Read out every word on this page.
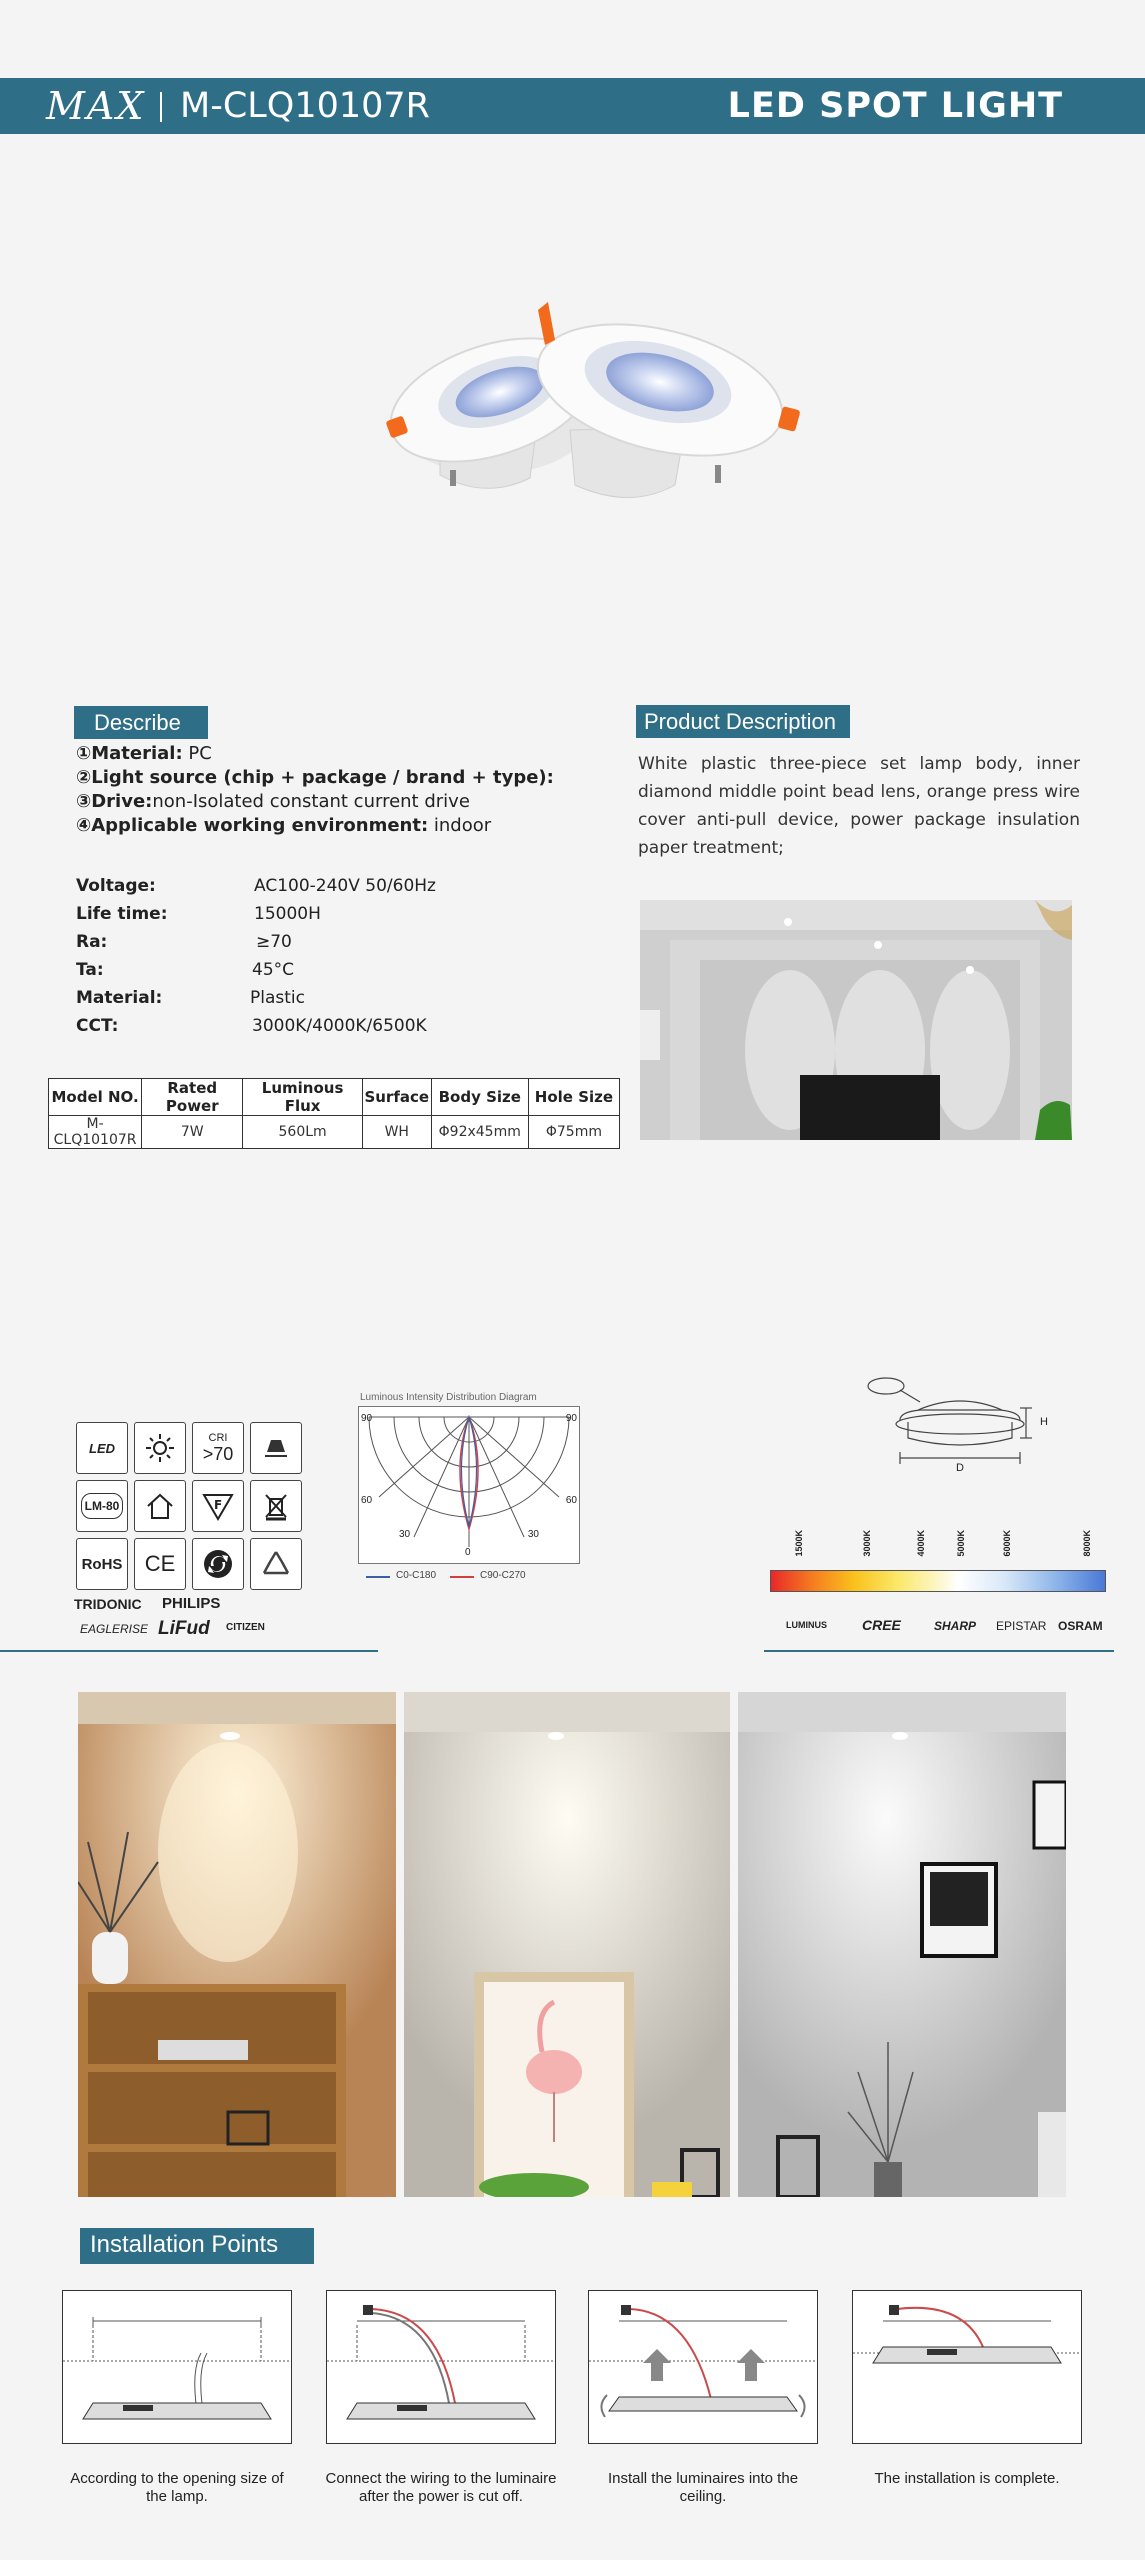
MAX M-CLQ10107R	LED SPOT LIGHT
Describe
①Material: PC
②Light source (chip + package / brand + type):
③Drive:non-Isolated constant current drive
④Applicable working environment: indoor
Voltage:	AC100-240V 50/60Hz
Life time:	15000H
Ra:	≥70
Ta:	45°C
Material:	Plastic
CCT:	3000K/4000K/6500K
Model NO.	Rated Power	Luminous Flux	Surface	Body Size	Hole Size
M-CLQ10107R	7W	560Lm	WH	Φ92x45mm	Φ75mm
Product Description
White plastic three-piece set lamp body, inner diamond middle point bead lens, orange press wire cover anti-pull device, power package insulation paper treatment;
LED
CRI
>70
LM-80	F
RoHS	CE
TRIDONIC PHILIPS
EAGLERISE LiFud CITIZEN
Luminous Intensity Distribution Diagram
90	90
60	60
30	30
0
C0-C180	C90-C270
H
D
1500K	3000K	4000K	5000K	6000K	8000K
LUMINUS	CREE	SHARP EPISTAR OSRAM
Installation Points
According to the opening size of the lamp.
Connect the wiring to the luminaire after the power is cut off.
Install the luminaires into the ceiling.
The installation is complete.
